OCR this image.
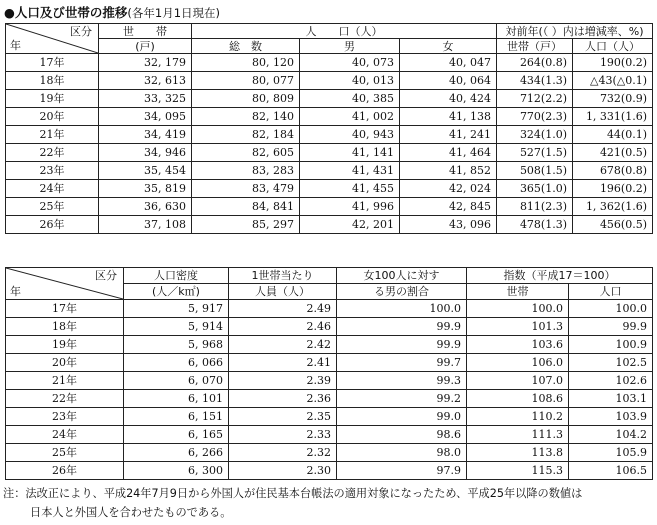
●人口及び世帯の推移(各年1月1日現在)
区分
年	世　　帯	人　　口（人）			対前年(（ ）内は増減率、%)	
	(戸)	総　数	男	女	世帯（戸）	人口（人）
17年	32, 179	80, 120	40, 073	40, 047	264(0.8)	190(0.2)
18年	32, 613	80, 077	40, 013	40, 064	434(1.3)	△43(△0.1)
19年	33, 325	80, 809	40, 385	40, 424	712(2.2)	732(0.9)
20年	34, 095	82, 140	41, 002	41, 138	770(2.3)	1, 331(1.6)
21年	34, 419	82, 184	40, 943	41, 241	324(1.0)	44(0.1)
22年	34, 946	82, 605	41, 141	41, 464	527(1.5)	421(0.5)
23年	35, 454	83, 283	41, 431	41, 852	508(1.5)	678(0.8)
24年	35, 819	83, 479	41, 455	42, 024	365(1.0)	196(0.2)
25年	36, 630	84, 841	41, 996	42, 845	811(2.3)	1, 362(1.6)
26年	37, 108	85, 297	42, 201	43, 096	478(1.3)	456(0.5)
区分
年	人口密度	1世帯当たり	女100人に対す	指数（平成17＝100）	
	(人／k㎡)	人員（人）	る男の割合	世帯	人口
17年	5, 917	2.49	100.0	100.0	100.0
18年	5, 914	2.46	99.9	101.3	99.9
19年	5, 968	2.42	99.9	103.6	100.9
20年	6, 066	2.41	99.7	106.0	102.5
21年	6, 070	2.39	99.3	107.0	102.6
22年	6, 101	2.36	99.2	108.6	103.1
23年	6, 151	2.35	99.0	110.2	103.9
24年	6, 165	2.33	98.6	111.3	104.2
25年	6, 266	2.32	98.0	113.8	105.9
26年	6, 300	2.30	97.9	115.3	106.5
注：法改正により、平成24年7月9日から外国人が住民基本台帳法の適用対象になったため、平成25年以降の数値は
日本人と外国人を合わせたものである。
